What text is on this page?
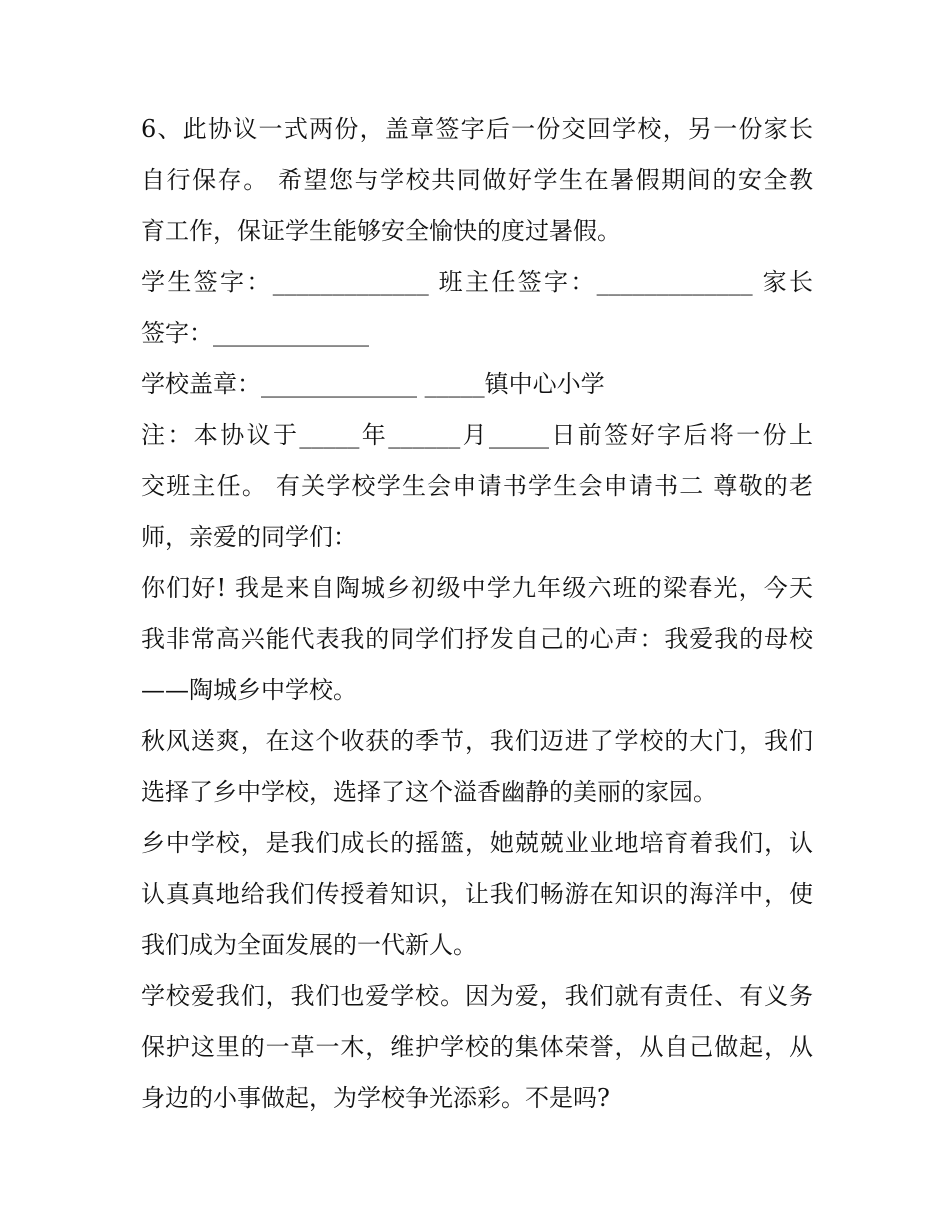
6、此协议一式两份，盖章签字后一份交回学校，另一份家长
自行保存。 希望您与学校共同做好学生在暑假期间的安全教
育工作，保证学生能够安全愉快的度过暑假。
学生签字：_____________ 班主任签字：_____________ 家长
签字：_____________
学校盖章：_____________ _____镇中心小学
注：本协议于_____年______月_____日前签好字后将一份上
交班主任。 有关学校学生会申请书学生会申请书二 尊敬的老
师，亲爱的同学们：
你们好! 我是来自陶城乡初级中学九年级六班的梁春光，今天
我非常高兴能代表我的同学们抒发自己的心声：我爱我的母校
——陶城乡中学校。
秋风送爽，在这个收获的季节，我们迈进了学校的大门，我们
选择了乡中学校，选择了这个溢香幽静的美丽的家园。
乡中学校，是我们成长的摇篮，她兢兢业业地培育着我们，认
认真真地给我们传授着知识，让我们畅游在知识的海洋中，使
我们成为全面发展的一代新人。
学校爱我们，我们也爱学校。因为爱，我们就有责任、有义务
保护这里的一草一木，维护学校的集体荣誉，从自己做起，从
身边的小事做起，为学校争光添彩。不是吗?
